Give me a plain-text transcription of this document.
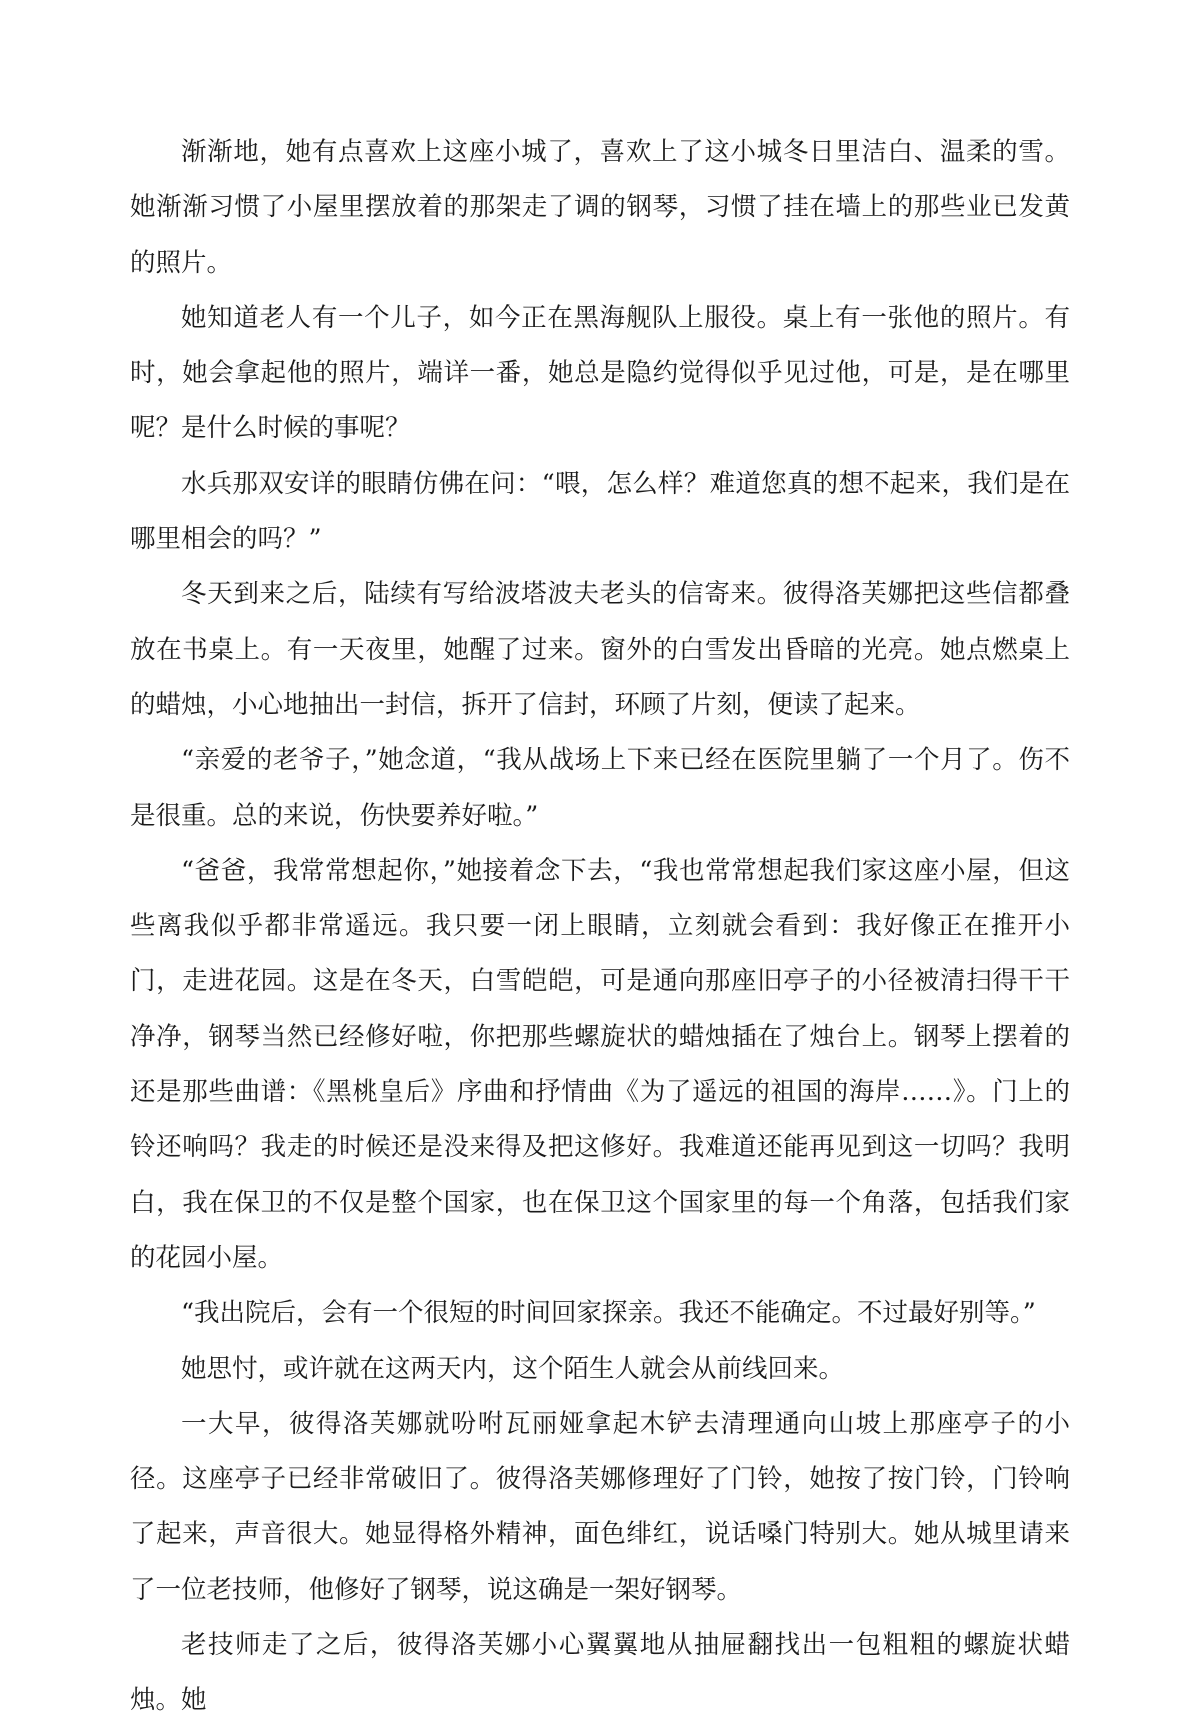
渐渐地，她有点喜欢上这座小城了，喜欢上了这小城冬日里洁白、温柔的雪。她渐渐习惯了小屋里摆放着的那架走了调的钢琴，习惯了挂在墙上的那些业已发黄的照片。

她知道老人有一个儿子，如今正在黑海舰队上服役。桌上有一张他的照片。有时，她会拿起他的照片，端详一番，她总是隐约觉得似乎见过他，可是，是在哪里呢？是什么时候的事呢？

水兵那双安详的眼睛仿佛在问：“喂，怎么样？难道您真的想不起来，我们是在哪里相会的吗？”

冬天到来之后，陆续有写给波塔波夫老头的信寄来。彼得洛芙娜把这些信都叠放在书桌上。有一天夜里，她醒了过来。窗外的白雪发出昏暗的光亮。她点燃桌上的蜡烛，小心地抽出一封信，拆开了信封，环顾了片刻，便读了起来。

“亲爱的老爷子，”她念道，“我从战场上下来已经在医院里躺了一个月了。伤不是很重。总的来说，伤快要养好啦。”

“爸爸，我常常想起你，”她接着念下去，“我也常常想起我们家这座小屋，但这些离我似乎都非常遥远。我只要一闭上眼睛，立刻就会看到：我好像正在推开小门，走进花园。这是在冬天，白雪皑皑，可是通向那座旧亭子的小径被清扫得干干净净，钢琴当然已经修好啦，你把那些螺旋状的蜡烛插在了烛台上。钢琴上摆着的还是那些曲谱：《黑桃皇后》序曲和抒情曲《为了遥远的祖国的海岸……》。门上的铃还响吗？我走的时候还是没来得及把这修好。我难道还能再见到这一切吗？我明白，我在保卫的不仅是整个国家，也在保卫这个国家里的每一个角落，包括我们家的花园小屋。

“我出院后，会有一个很短的时间回家探亲。我还不能确定。不过最好别等。”

她思忖，或许就在这两天内，这个陌生人就会从前线回来。

一大早，彼得洛芙娜就吩咐瓦丽娅拿起木铲去清理通向山坡上那座亭子的小径。这座亭子已经非常破旧了。彼得洛芙娜修理好了门铃，她按了按门铃，门铃响了起来，声音很大。她显得格外精神，面色绯红，说话嗓门特别大。她从城里请来了一位老技师，他修好了钢琴，说这确是一架好钢琴。

老技师走了之后，彼得洛芙娜小心翼翼地从抽屉翻找出一包粗粗的螺旋状蜡烛。她
